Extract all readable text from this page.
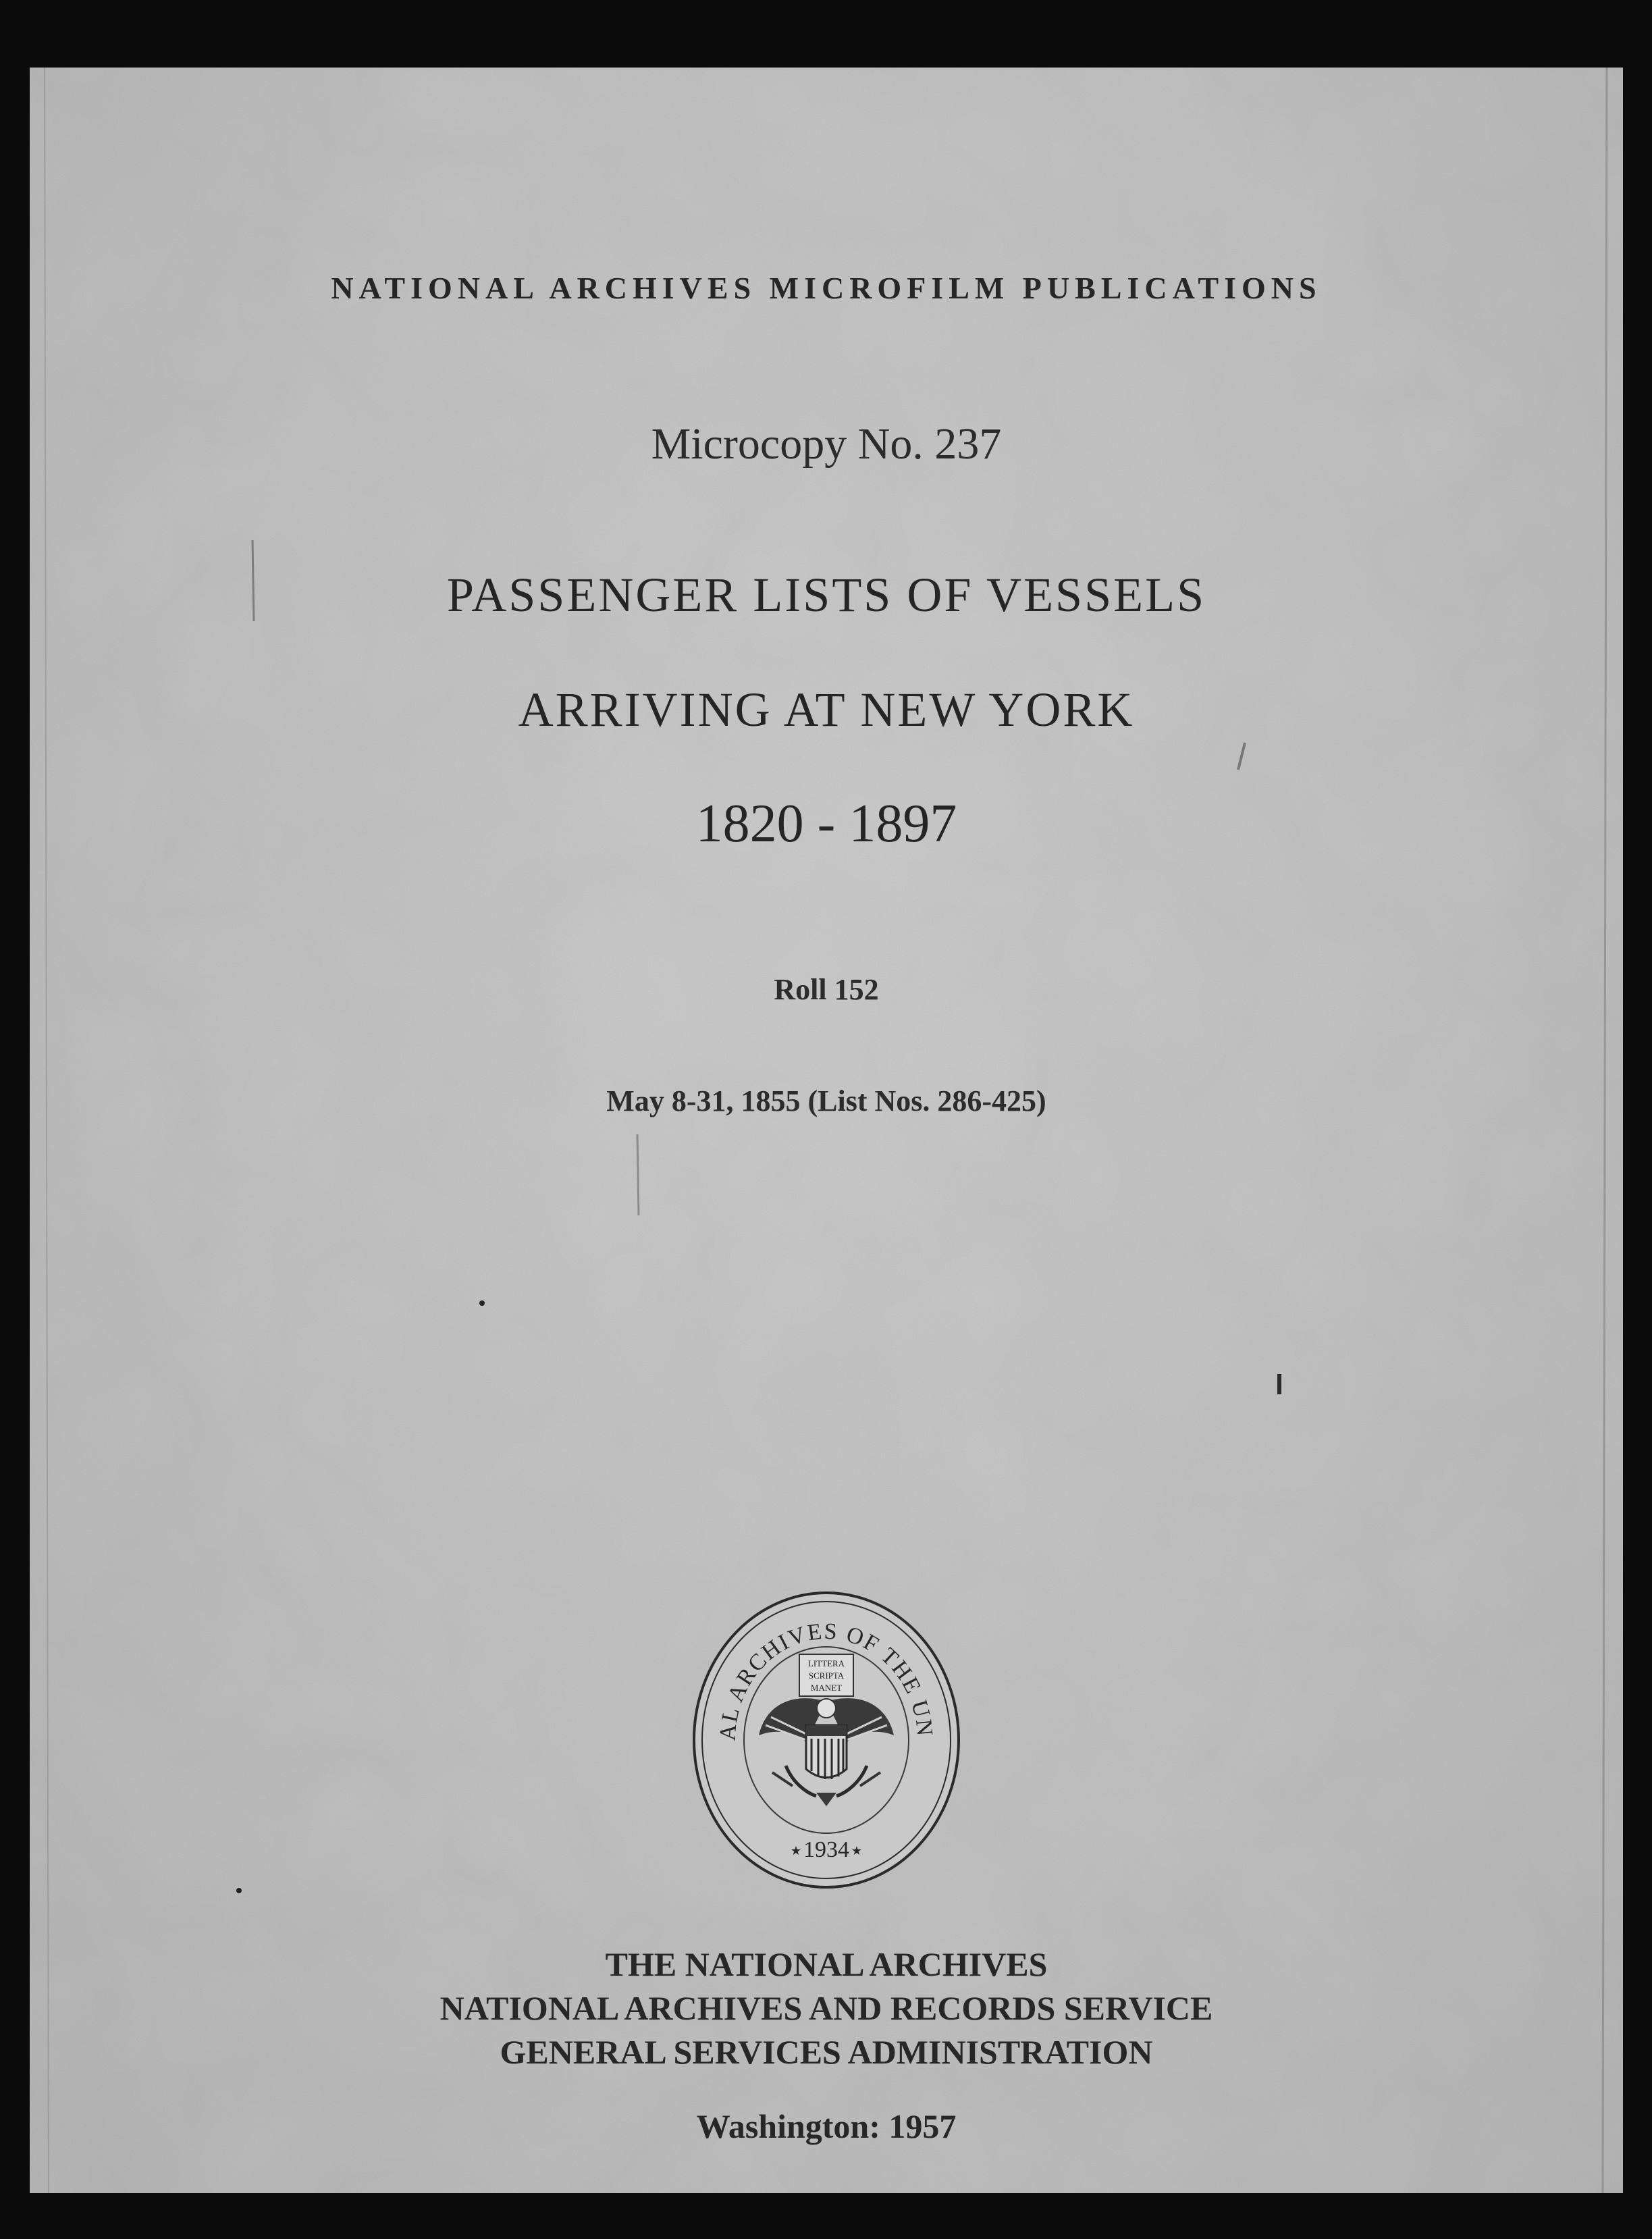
NATIONAL ARCHIVES MICROFILM PUBLICATIONS
Microcopy No. 237
PASSENGER LISTS OF VESSELS
ARRIVING AT NEW YORK
1820 - 1897
Roll 152
May 8-31, 1855 (List Nos. 286-425)
AL ARCHIVES OF THE UN
LITTERA
SCRIPTA
MANET
1934
★	★
THE NATIONAL ARCHIVES
NATIONAL ARCHIVES AND RECORDS SERVICE
GENERAL SERVICES ADMINISTRATION
Washington: 1957
